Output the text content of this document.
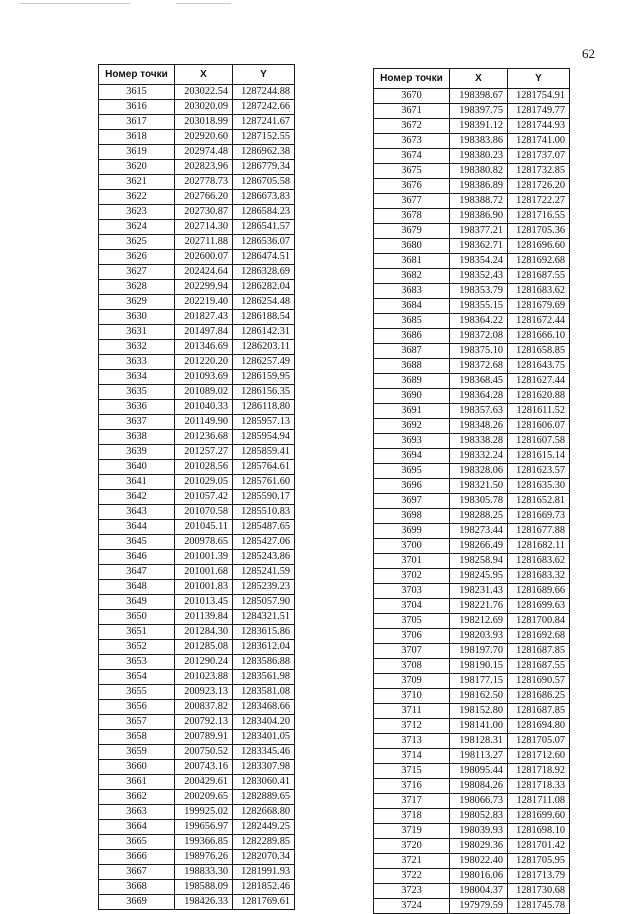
62
Номер точки	X	Y
3615	203022.54	1287244.88
3616	203020.09	1287242.66
3617	203018.99	1287241.67
3618	202920.60	1287152.55
3619	202974.48	1286962.38
3620	202823.96	1286779.34
3621	202778.73	1286705.58
3622	202766.20	1286673.83
3623	202730.87	1286584.23
3624	202714.30	1286541.57
3625	202711.88	1286536.07
3626	202600.07	1286474.51
3627	202424.64	1286328.69
3628	202299.94	1286282.04
3629	202219.40	1286254.48
3630	201827.43	1286188.54
3631	201497.84	1286142.31
3632	201346.69	1286203.11
3633	201220.20	1286257.49
3634	201093.69	1286159.95
3635	201089.02	1286156.35
3636	201040.33	1286118.80
3637	201149.90	1285957.13
3638	201236.68	1285954.94
3639	201257.27	1285859.41
3640	201028.56	1285764.61
3641	201029.05	1285761.60
3642	201057.42	1285590.17
3643	201070.58	1285510.83
3644	201045.11	1285487.65
3645	200978.65	1285427.06
3646	201001.39	1285243.86
3647	201001.68	1285241.59
3648	201001.83	1285239.23
3649	201013.45	1285057.90
3650	201139.84	1284321.51
3651	201284.30	1283615.86
3652	201285.08	1283612.04
3653	201290.24	1283586.88
3654	201023.88	1283561.98
3655	200923.13	1283581.08
3656	200837.82	1283468.66
3657	200792.13	1283404.20
3658	200789.91	1283401.05
3659	200750.52	1283345.46
3660	200743.16	1283307.98
3661	200429.61	1283060.41
3662	200209.65	1282889.65
3663	199925.02	1282668.80
3664	199656.97	1282449.25
3665	199366.85	1282289.85
3666	198976.26	1282070.34
3667	198833.30	1281991.93
3668	198588.09	1281852.46
3669	198426.33	1281769.61
Номер точки	X	Y
3670	198398.67	1281754.91
3671	198397.75	1281749.77
3672	198391.12	1281744.93
3673	198383.86	1281741.00
3674	198380.23	1281737.07
3675	198380.82	1281732.85
3676	198386.89	1281726.20
3677	198388.72	1281722.27
3678	198386.90	1281716.55
3679	198377.21	1281705.36
3680	198362.71	1281696.60
3681	198354.24	1281692.68
3682	198352.43	1281687.55
3683	198353.79	1281683.62
3684	198355.15	1281679.69
3685	198364.22	1281672.44
3686	198372.08	1281666.10
3687	198375.10	1281658.85
3688	198372.68	1281643.75
3689	198368.45	1281627.44
3690	198364.28	1281620.88
3691	198357.63	1281611.52
3692	198348.26	1281606.07
3693	198338.28	1281607.58
3694	198332.24	1281615.14
3695	198328.06	1281623.57
3696	198321.50	1281635.30
3697	198305.78	1281652.81
3698	198288.25	1281669.73
3699	198273.44	1281677.88
3700	198266.49	1281682.11
3701	198258.94	1281683.62
3702	198245.95	1281683.32
3703	198231.43	1281689.66
3704	198221.76	1281699.63
3705	198212.69	1281700.84
3706	198203.93	1281692.68
3707	198197.70	1281687.85
3708	198190.15	1281687.55
3709	198177.15	1281690.57
3710	198162.50	1281686.25
3711	198152.80	1281687.85
3712	198141.00	1281694.80
3713	198128.31	1281705.07
3714	198113.27	1281712.60
3715	198095.44	1281718.92
3716	198084.26	1281718.33
3717	198066.73	1281711.08
3718	198052.83	1281699.60
3719	198039.93	1281698.10
3720	198029.36	1281701.42
3721	198022.40	1281705.95
3722	198016.06	1281713.79
3723	198004.37	1281730.68
3724	197979.59	1281745.78
